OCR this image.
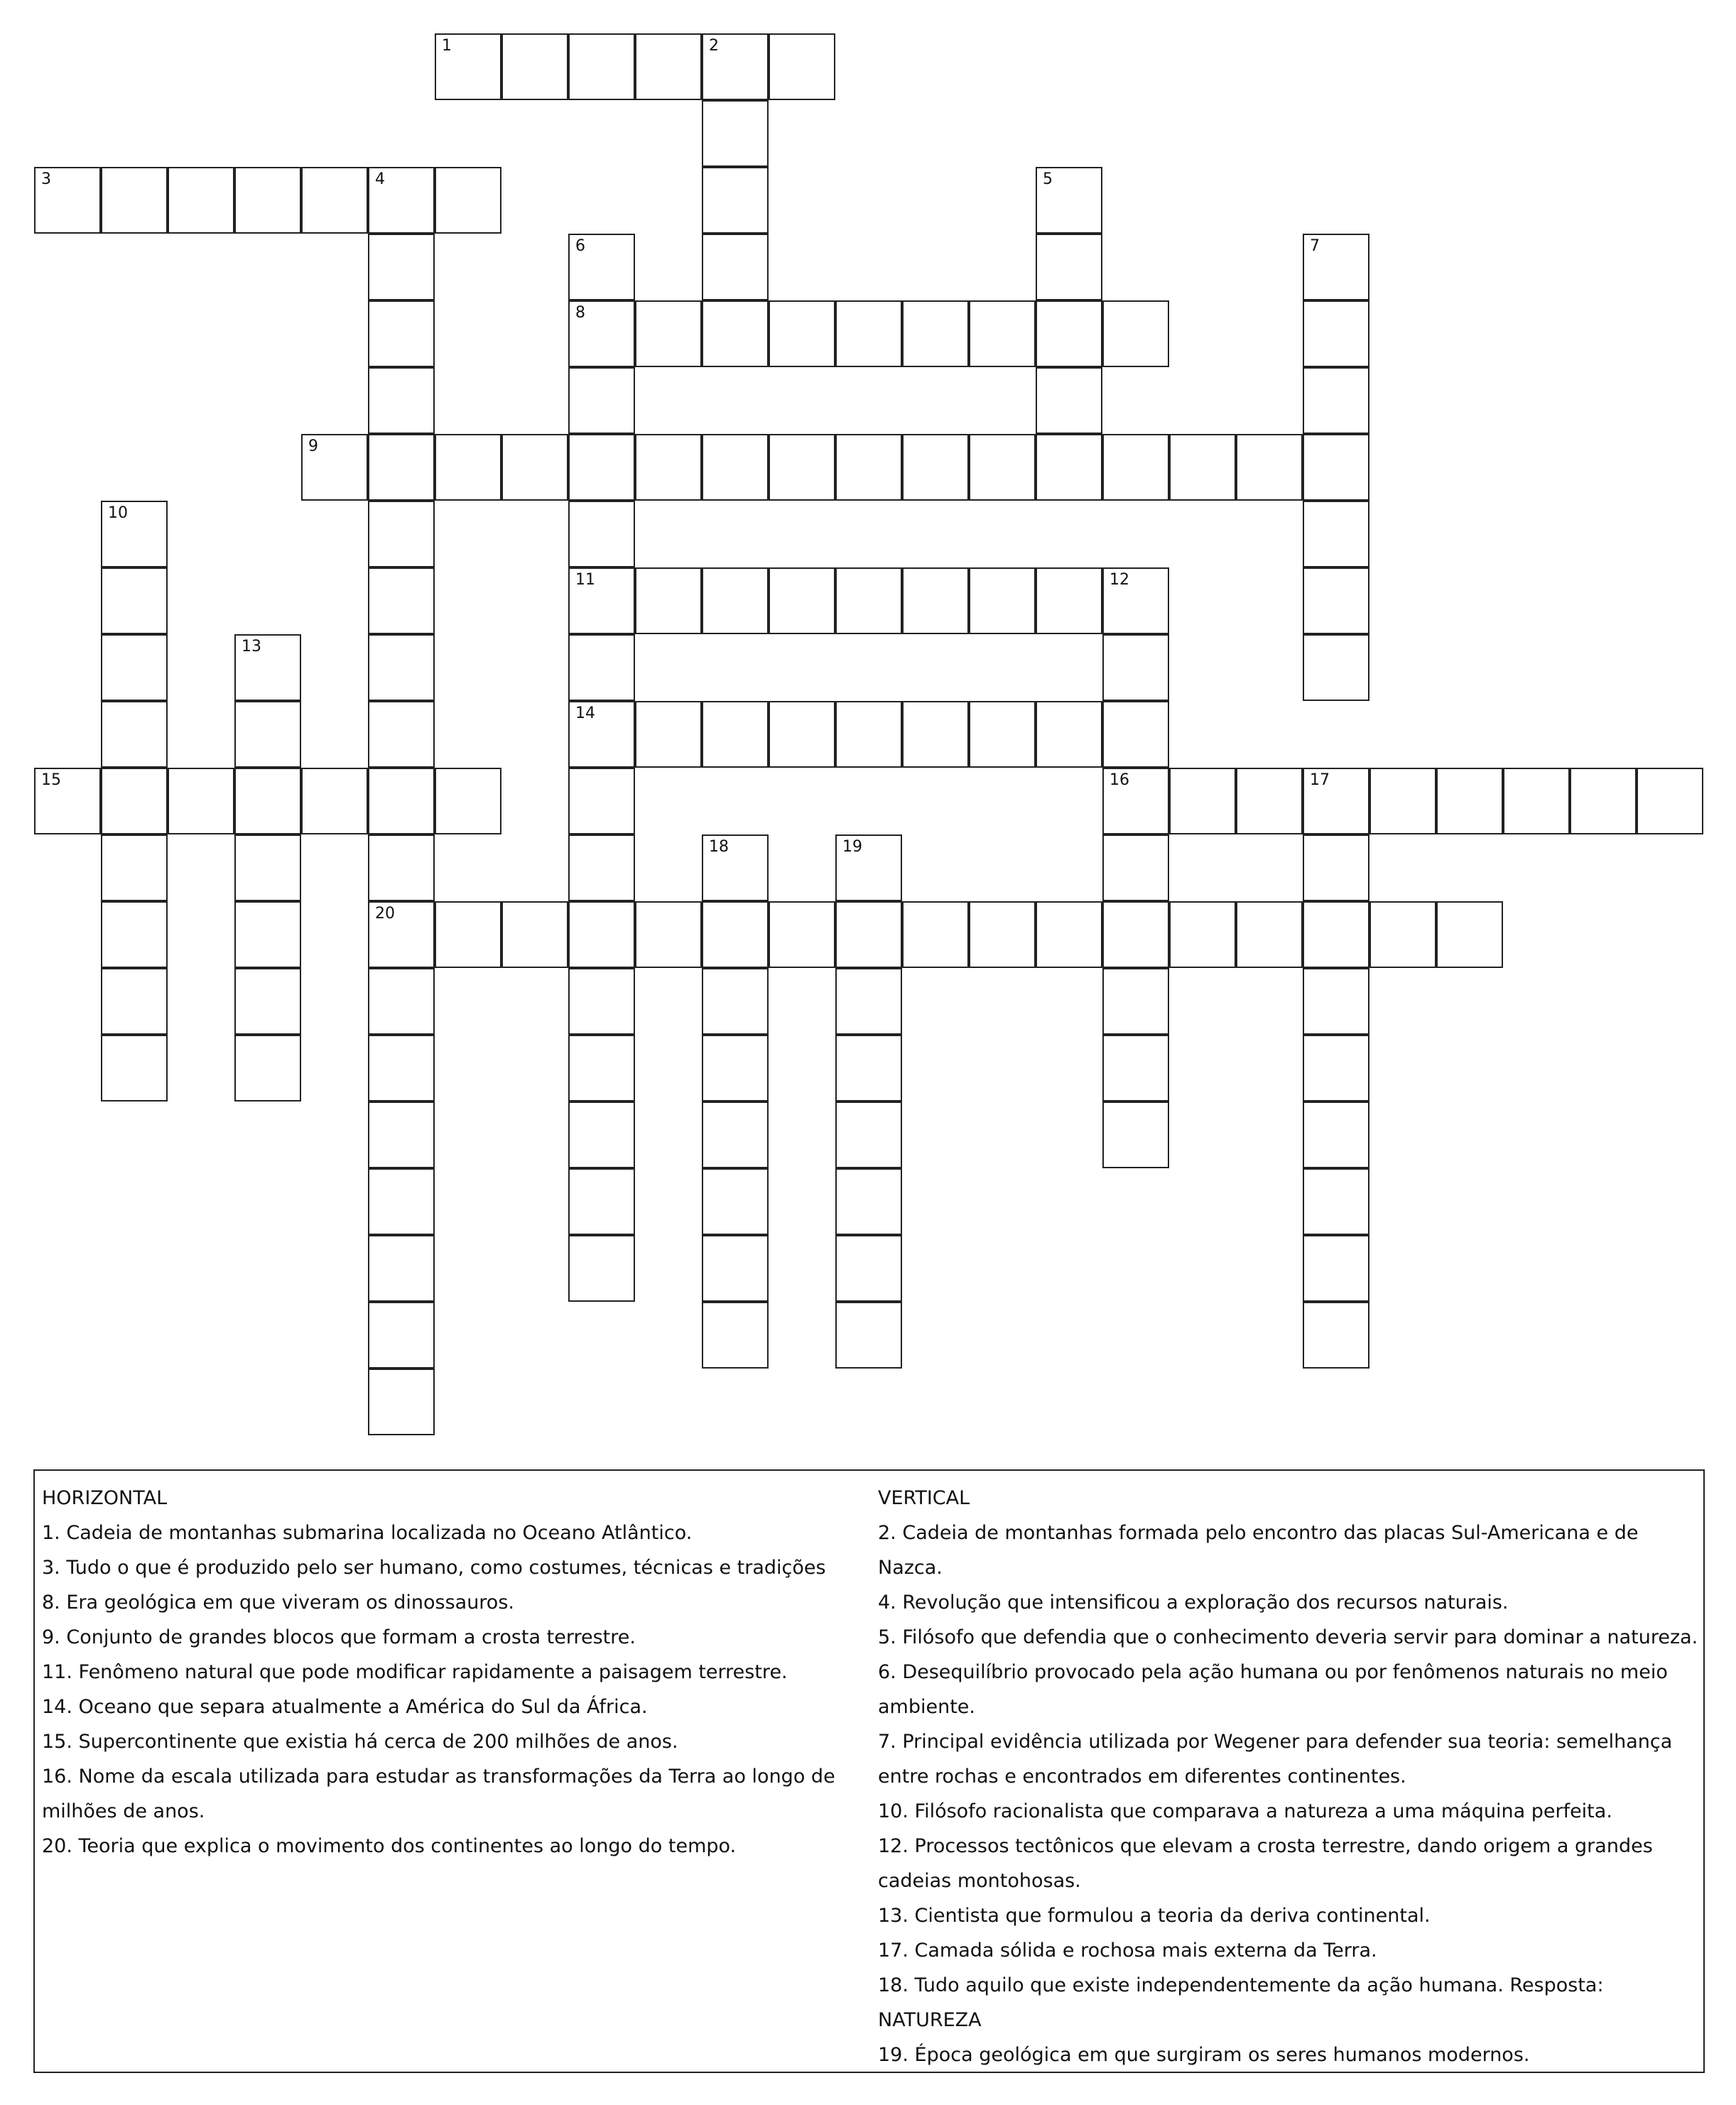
1	2
3	4
8
9
11	12
14
15	16	17
20
5
6	7
10
13
18	19

HORIZONTAL

1. Cadeia de montanhas submarina localizada no Oceano Atlântico.

3. Tudo o que é produzido pelo ser humano, como costumes, técnicas e tradições

8. Era geológica em que viveram os dinossauros.

9. Conjunto de grandes blocos que formam a crosta terrestre.

11. Fenômeno natural que pode modificar rapidamente a paisagem terrestre.

14. Oceano que separa atualmente a América do Sul da África.

15. Supercontinente que existia há cerca de 200 milhões de anos.

16. Nome da escala utilizada para estudar as transformações da Terra ao longo de

milhões de anos.

20. Teoria que explica o movimento dos continentes ao longo do tempo.

VERTICAL

2. Cadeia de montanhas formada pelo encontro das placas Sul-Americana e de Nazca.

4. Revolução que intensificou a exploração dos recursos naturais.

5. Filósofo que defendia que o conhecimento deveria servir para dominar a natureza.

6. Desequilíbrio provocado pela ação humana ou por fenômenos naturais no meio

ambiente.

7. Principal evidência utilizada por Wegener para defender sua teoria: semelhança

entre rochas e encontrados em diferentes continentes.

10. Filósofo racionalista que comparava a natureza a uma máquina perfeita.

12. Processos tectônicos que elevam a crosta terrestre, dando origem a grandes

cadeias montohosas.

13. Cientista que formulou a teoria da deriva continental.

17. Camada sólida e rochosa mais externa da Terra.

18. Tudo aquilo que existe independentemente da ação humana. Resposta:

NATUREZA

19. Época geológica em que surgiram os seres humanos modernos.
